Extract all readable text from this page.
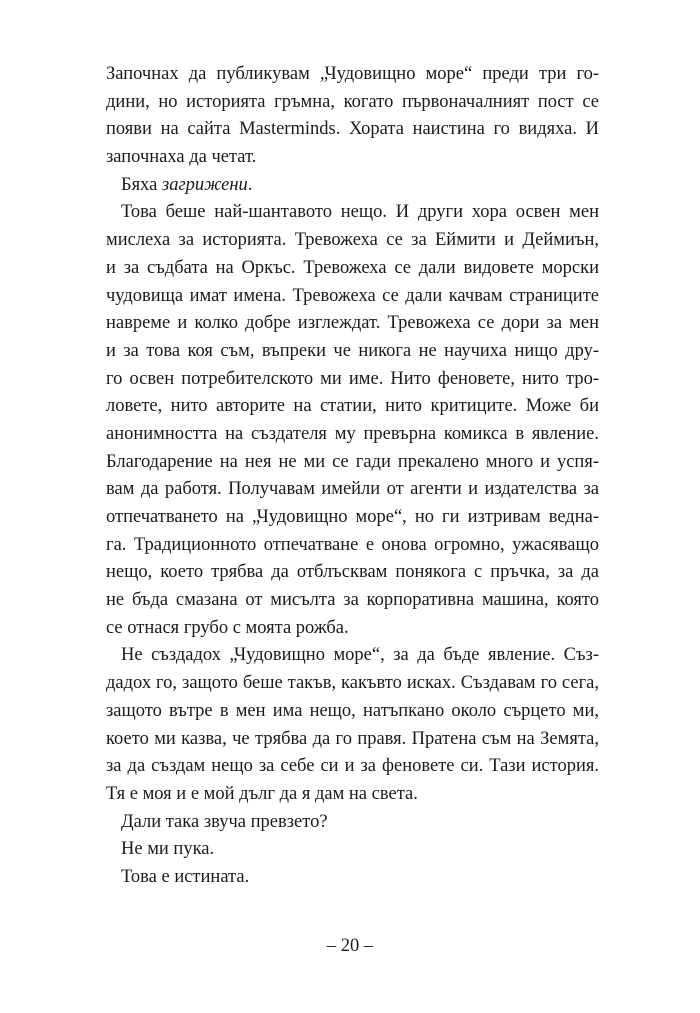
Започнах да публикувам „Чудовищно море“ преди три го-
дини, но историята гръмна, когато първоначалният пост се
появи на сайта Masterminds. Хората наистина го видяха. И
започнаха да четат.
Бяха загрижени.
Това беше най-шантавото нещо. И други хора освен мен
мислеха за историята. Тревожеха се за Еймити и Деймиън,
и за съдбата на Оркъс. Тревожеха се дали видовете морски
чудовища имат имена. Тревожеха се дали качвам страниците
навреме и колко добре изглеждат. Тревожеха се дори за мен
и за това коя съм, въпреки че никога не научиха нищо дру-
го освен потребителското ми име. Нито феновете, нито тро-
ловете, нито авторите на статии, нито критиците. Може би
анонимността на създателя му превърна комикса в явление.
Благодарение на нея не ми се гади прекалено много и успя-
вам да работя. Получавам имейли от агенти и издателства за
отпечатването на „Чудовищно море“, но ги изтривам ведна-
га. Традиционното отпечатване е онова огромно, ужасяващо
нещо, което трябва да отблъсквам понякога с пръчка, за да
не бъда смазана от мисълта за корпоративна машина, която
се отнася грубо с моята рожба.
Не създадох „Чудовищно море“, за да бъде явление. Съз-
дадох го, защото беше такъв, какъвто исках. Създавам го сега,
защото вътре в мен има нещо, натъпкано около сърцето ми,
което ми казва, че трябва да го правя. Пратена съм на Земята,
за да създам нещо за себе си и за феновете си. Тази история.
Тя е моя и е мой дълг да я дам на света.
Дали така звуча превзето?
Не ми пука.
Това е истината.
– 20 –
